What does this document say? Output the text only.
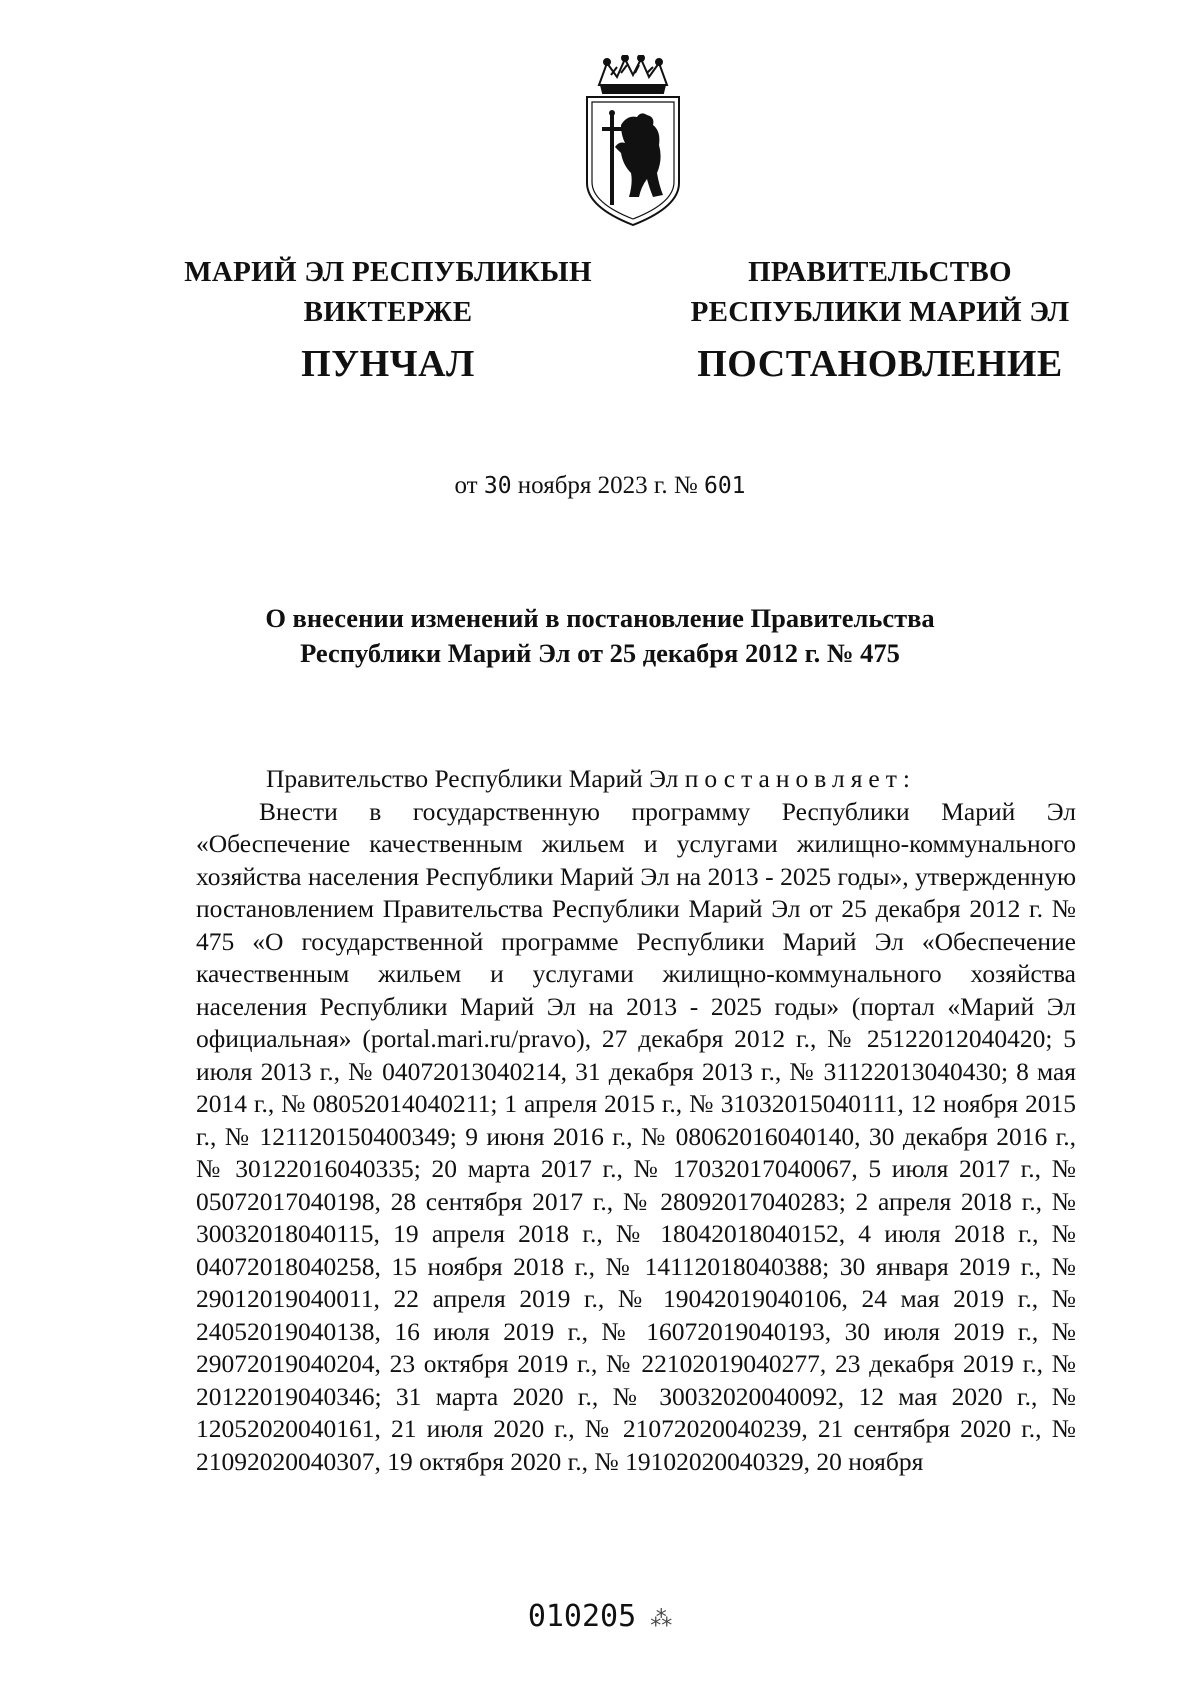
МАРИЙ ЭЛ РЕСПУБЛИКЫН
ВИКТЕРЖЕ
ПУНЧАЛ
ПРАВИТЕЛЬСТВО
РЕСПУБЛИКИ МАРИЙ ЭЛ
ПОСТАНОВЛЕНИЕ
от 30 ноября 2023 г. № 601
О внесении изменений в постановление Правительства
Республики Марий Эл от 25 декабря 2012 г. № 475

Правительство Республики Марий Эл постановляет:

Внести в государственную программу Республики Марий Эл «Обеспечение качественным жильем и услугами жилищно-коммунального хозяйства населения Республики Марий Эл на 2013 - 2025 годы», утвержденную постановлением Правительства Республики Марий Эл от 25 декабря 2012 г. № 475 «О государственной программе Республики Марий Эл «Обеспечение качественным жильем и услугами жилищно-коммунального хозяйства населения Республики Марий Эл на 2013 - 2025 годы» (портал «Марий Эл официальная» (portal.mari.ru/pravo), 27 декабря 2012 г., № 25122012040420; 5 июля 2013 г., № 04072013040214, 31 декабря 2013 г., № 31122013040430; 8 мая 2014 г., № 08052014040211; 1 апреля 2015 г., № 31032015040111, 12 ноября 2015 г., № 121120150400349; 9 июня 2016 г., № 08062016040140, 30 декабря 2016 г., № 30122016040335; 20 марта 2017 г., № 17032017040067, 5 июля 2017 г., № 05072017040198, 28 сентября 2017 г., № 28092017040283; 2 апреля 2018 г., № 30032018040115, 19 апреля 2018 г., № 18042018040152, 4 июля 2018 г., № 04072018040258, 15 ноября 2018 г., № 14112018040388; 30 января 2019 г., № 29012019040011, 22 апреля 2019 г., № 19042019040106, 24 мая 2019 г., № 24052019040138, 16 июля 2019 г., № 16072019040193, 30 июля 2019 г., № 29072019040204, 23 октября 2019 г., № 22102019040277, 23 декабря 2019 г., № 20122019040346; 31 марта 2020 г., № 30032020040092, 12 мая 2020 г., № 12052020040161, 21 июля 2020 г., № 21072020040239, 21 сентября 2020 г., № 21092020040307, 19 октября 2020 г., № 19102020040329, 20 ноября

010205 ⁂
